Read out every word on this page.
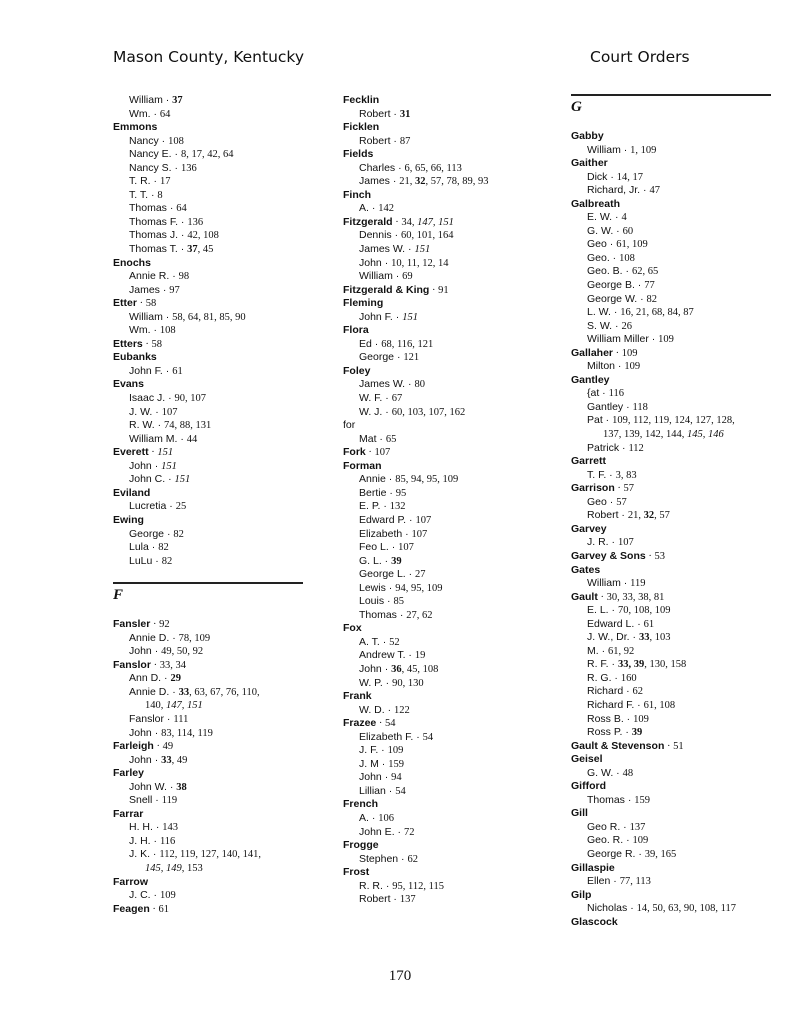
Mason County, Kentucky	Court Orders
William · 37
Wm. · 64
Emmons
Nancy · 108
Nancy E. · 8, 17, 42, 64
Nancy S. · 136
T. R. · 17
T. T. · 8
Thomas · 64
Thomas F. · 136
Thomas J. · 42, 108
Thomas T. · 37, 45
Enochs
Annie R. · 98
James · 97
Etter · 58
William · 58, 64, 81, 85, 90
Wm. · 108
Etters · 58
Eubanks
John F. · 61
Evans
Isaac J. · 90, 107
J. W. · 107
R. W. · 74, 88, 131
William M. · 44
Everett · 151
John · 151
John C. · 151
Eviland
Lucretia · 25
Ewing
George · 82
Lula · 82
LuLu · 82
F
Fansler · 92
Annie D. · 78, 109
John · 49, 50, 92
Fanslor · 33, 34
Ann D. · 29
Annie D. · 33, 63, 67, 76, 110,
140, 147, 151
Fanslor · 111
John · 83, 114, 119
Farleigh · 49
John · 33, 49
Farley
John W. · 38
Snell · 119
Farrar
H. H. · 143
J. H. · 116
J. K. · 112, 119, 127, 140, 141,
145, 149, 153
Farrow
J. C. · 109
Feagen · 61
Fecklin
Robert · 31
Ficklen
Robert · 87
Fields
Charles · 6, 65, 66, 113
James · 21, 32, 57, 78, 89, 93
Finch
A. · 142
Fitzgerald · 34, 147, 151
Dennis · 60, 101, 164
James W. · 151
John · 10, 11, 12, 14
William · 69
Fitzgerald & King · 91
Fleming
John F. · 151
Flora
Ed · 68, 116, 121
George · 121
Foley
James W. · 80
W. F. · 67
W. J. · 60, 103, 107, 162
for
Mat · 65
Fork · 107
Forman
Annie · 85, 94, 95, 109
Bertie · 95
E. P. · 132
Edward P. · 107
Elizabeth · 107
Feo L. · 107
G. L. · 39
George L. · 27
Lewis · 94, 95, 109
Louis · 85
Thomas · 27, 62
Fox
A. T. · 52
Andrew T. · 19
John · 36, 45, 108
W. P. · 90, 130
Frank
W. D. · 122
Frazee · 54
Elizabeth F. · 54
J. F. · 109
J. M · 159
John · 94
Lillian · 54
French
A. · 106
John E. · 72
Frogge
Stephen · 62
Frost
R. R. · 95, 112, 115
Robert · 137
G
Gabby
William · 1, 109
Gaither
Dick · 14, 17
Richard, Jr. · 47
Galbreath
E. W. · 4
G. W. · 60
Geo · 61, 109
Geo. · 108
Geo. B. · 62, 65
George B. · 77
George W. · 82
L. W. · 16, 21, 68, 84, 87
S. W. · 26
William Miller · 109
Gallaher · 109
Milton · 109
Gantley
{at · 116
Gantley · 118
Pat · 109, 112, 119, 124, 127, 128,
137, 139, 142, 144, 145, 146
Patrick · 112
Garrett
T. F. · 3, 83
Garrison · 57
Geo · 57
Robert · 21, 32, 57
Garvey
J. R. · 107
Garvey & Sons · 53
Gates
William · 119
Gault · 30, 33, 38, 81
E. L. · 70, 108, 109
Edward L. · 61
J. W., Dr. · 33, 103
M. · 61, 92
R. F. · 33, 39, 130, 158
R. G. · 160
Richard · 62
Richard F. · 61, 108
Ross B. · 109
Ross P. · 39
Gault & Stevenson · 51
Geisel
G. W. · 48
Gifford
Thomas · 159
Gill
Geo R. · 137
Geo. R. · 109
George R. · 39, 165
Gillaspie
Ellen · 77, 113
Gilp
Nicholas · 14, 50, 63, 90, 108, 117
Glascock
170
